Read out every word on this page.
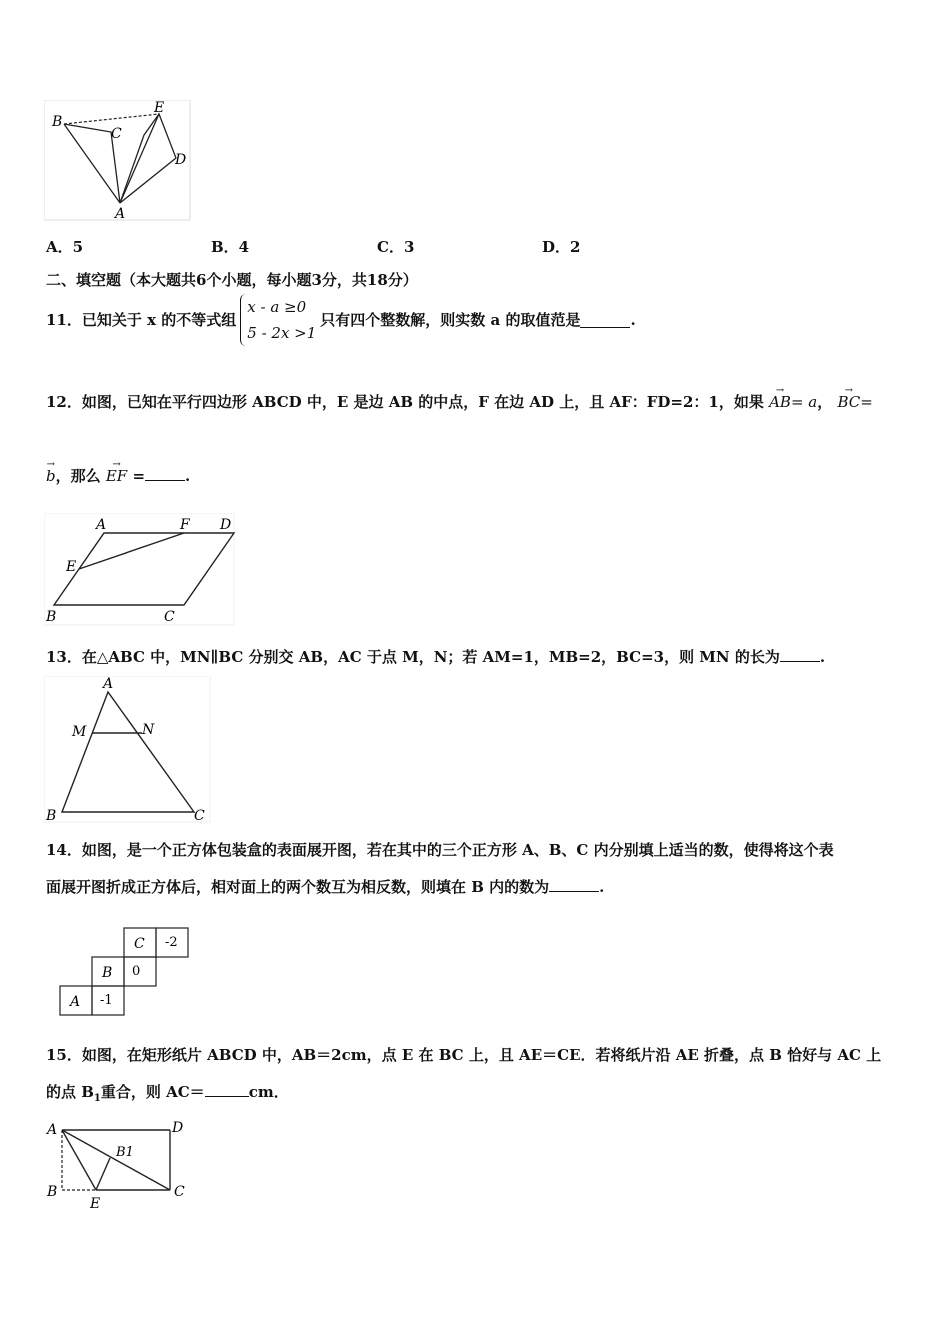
B
E
C
D
A
A．5	B．4	C．3	D．2
二、填空题（本大题共6个小题，每小题3分，共18分）
11．已知关于 x 的不等式组x - a ≥0
5 - 2x >1只有四个整数解，则实数 a 的取值范是	.
12．如图，已知在平行四边形 ABCD 中，E 是边 AB 的中点，F 在边 AD 上，且 AF：FD=2：1，如果
→
AB= a，
→
BC=
→
b，那么
→
EF =	.
A	F D
E
B	C
13．在△ABC 中，MN∥BC 分别交 AB，AC 于点 M，N；若 AM=1，MB=2，BC=3，则 MN 的长为	.
A
M	N
B	C
14．如图，是一个正方体包装盒的表面展开图，若在其中的三个正方形 A、B、C 内分别填上适当的数，使得将这个表
面展开图折成正方体后，相对面上的两个数互为相反数，则填在 B 内的数为	.
C -2
B 0
A -1
15．如图，在矩形纸片 ABCD 中，AB＝2cm，点 E 在 BC 上，且 AE＝CE．若将纸片沿 AE 折叠，点 B 恰好与 AC 上
的点 $B_1$重合，则 AC＝	cm．
A	D
B1
B
E
C
